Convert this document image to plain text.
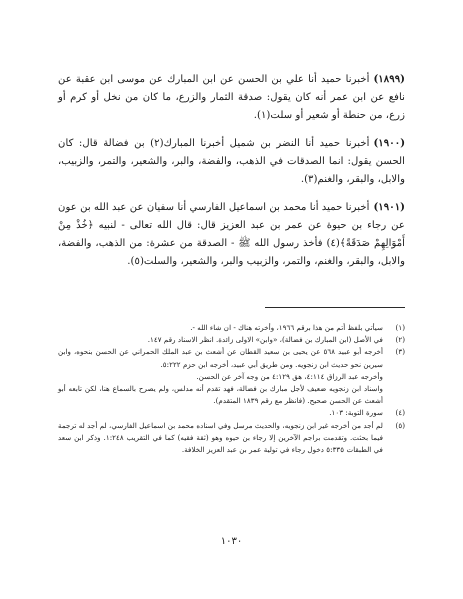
(١٨٩٩)أخبرنا حميد أنا علي بن الحسن عن ابن المبارك عن موسى ابن عقبة عن نافع عن ابن عمر أنه كان يقول: صدقة الثمار والزرع، ما كان من نخل أو كرم أو زرع، من حنطة أو شعير أو سلت(١).

(١٩٠٠)أخبرنا حميد أنا النضر بن شميل أخبرنا المبارك(٢) بن فضالة قال: كان الحسن يقول: انما الصدقات في الذهب، والفضة، والبر، والشعير، والتمر، والزبيب، والابل، والبقر، والغنم(٣).

(١٩٠١)أخبرنا حميد أنا محمد بن اسماعيل الفارسي أنا سفيان عن عبد الله بن عون عن رجاء بن حيوة عن عمر بن عبد العزيز قال: قال الله تعالى - لنبيه ﴿خُذْ مِنْ أَمْوَالِهِمْ صَدَقَةً﴾(٤) فأخذ رسول الله ﷺ - الصدقة من عشرة: من الذهب، والفضة، والابل، والبقر، والغنم، والتمر، والزبيب والبر، والشعير، والسلت(٥).

(١)

سيأتي بلفظ أتم من هذا برقم ١٩٦٦، وأخرته هناك - ان شاء الله -.

(٢)

في الأصل (ابن المبارك بن فضالة)، «وابن» الاولى زائدة. انظر الاسناد رقم ١٤٧.

(٣)

أخرجه أبو عبيد ٥٦٨ عن يحيى بن سعيد القطان عن أشعث بن عبد الملك الحمراني عن الحسن بنحوه، وابن سيرين نحو حديث ابن زنجويه. ومن طريق أبي عبيد، أخرجه ابن حزم ٥:٢٢٢.

وأخرجه عبد الرزاق ٤:١١٤، هق ٤:١٢٩ من وجه آخر عن الحسن.

واسناد ابن زنجويه ضعيف لأجل مبارك بن فضالة، فهد تقدم أنه مدلس، ولم يصرح بالسماع هنا، لكن تابعه أبو أشعث عن الحسن صحيح. (فانظر مع رقم ١٨٣٩ المتقدم).

(٤)

سورة التوبة: ١٠٣.

(٥)

لم أجد من أخرجه غير ابن زنجويه، والحديث مرسل وفي اسناده محمد بن اسماعيل الفارسي، لم أجد له ترجمة فيما بحثت. وتقدمت براجم الآخرين إلا رجاء بن حيوه وهو (ثقة فقيه) كما في التقريب ١:٢٤٨. وذكر ابن سعد في الطبقات ٥:٣٣٥ دخول رجاء في تولية عمر بن عبد العزيز الخلافة.

١٠٣٠
